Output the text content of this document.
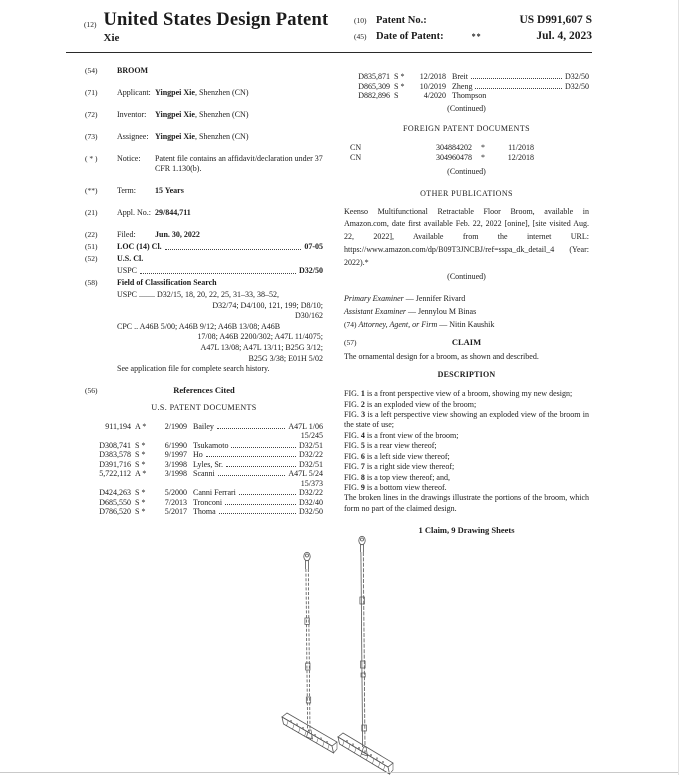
(12) United States Design Patent
Xie
(10) Patent No.:	US D991,607 S
(45) Date of Patent:	**	Jul. 4, 2023
(54)	BROOM
(71)	Applicant: Yingpei Xie, Shenzhen (CN)
(72)	Inventor:	Yingpei Xie, Shenzhen (CN)
(73)	Assignee: Yingpei Xie, Shenzhen (CN)
( * )	Notice:	Patent file contains an affidavit/declaration under 37 CFR 1.130(b).
(**)	Term:	15 Years
(21)	Appl. No.: 29/844,711
(22)	Filed:	Jun. 30, 2022
(51)	LOC (14) Cl.	07-05
(52)	U.S. Cl.
USPC	D32/50
(58)	Field of Classification Search
USPC ........ D32/15, 18, 20, 22, 25, 31–33, 38–52,
D32/74; D4/100, 121, 199; D8/10;
D30/162
CPC .. A46B 5/00; A46B 9/12; A46B 13/08; A46B
17/08; A46B 2200/302; A47L 11/4075;
A47L 13/08; A47L 13/11; B25G 3/12;
B25G 3/38; E01H 5/02
See application file for complete search history.
(56)	References Cited
U.S. PATENT DOCUMENTS
911,194 A *	2/1909 Bailey	A47L 1/06
15/245
D308,741 S *	6/1990 Tsukamoto	D32/51
D383,578 S *	9/1997 Ho	D32/22
D391,716 S *	3/1998 Lyles, Sr.	D32/51
5,722,112 A *	3/1998 Scanni	A47L 5/24
15/373
D424,263 S *	5/2000 Canni Ferrari	D32/22
D685,550 S *	7/2013 Tronconi	D32/40
D786,520 S *	5/2017 Thoma	D32/50
D835,871 S *	12/2018 Breit	D32/50
D865,309 S *	10/2019 Zheng	D32/50
D882,896 S	4/2020 Thompson
(Continued)
FOREIGN PATENT DOCUMENTS
CN	304884202	*	11/2018
CN	304960478	*	12/2018
(Continued)
OTHER PUBLICATIONS
Keenso Multifunctional Retractable Floor Broom, available in Amazon.com, date first available Feb. 22, 2022 [onine], [site visited Aug. 22, 2022], Available from the internet URL: https://www.amazon.com/dp/B09T3JNCBJ/ref=sspa_dk_detail_4 (Year: 2022).*
(Continued)
Primary Examiner — Jennifer Rivard
Assistant Examiner — Jennylou M Binas
(74) Attorney, Agent, or Firm — Nitin Kaushik
(57)	CLAIM
The ornamental design for a broom, as shown and described.
DESCRIPTION
FIG. 1 is a front perspective view of a broom, showing my new design;
FIG. 2 is an exploded view of the broom;
FIG. 3 is a left perspective view showing an exploded view of the broom in the state of use;
FIG. 4 is a front view of the broom;
FIG. 5 is a rear view thereof;
FIG. 6 is a left side view thereof;
FIG. 7 is a right side view thereof;
FIG. 8 is a top view thereof; and,
FIG. 9 is a bottom view thereof.
The broken lines in the drawings illustrate the portions of the broom, which form no part of the claimed design.
1 Claim, 9 Drawing Sheets
